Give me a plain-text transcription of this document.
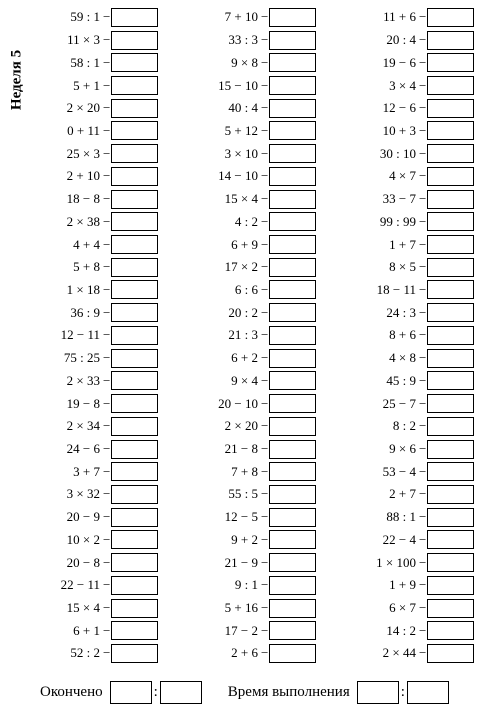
Неделя 5
59 : 1 −
11 × 3 −
58 : 1 −
5 + 1 −
2 × 20 −
0 + 11 −
25 × 3 −
2 + 10 −
18 − 8 −
2 × 38 −
4 + 4 −
5 + 8 −
1 × 18 −
36 : 9 −
12 − 11 −
75 : 25 −
2 × 33 −
19 − 8 −
2 × 34 −
24 − 6 −
3 + 7 −
3 × 32 −
20 − 9 −
10 × 2 −
20 − 8 −
22 − 11 −
15 × 4 −
6 + 1 −
52 : 2 −
7 + 10 −
33 : 3 −
9 × 8 −
15 − 10 −
40 : 4 −
5 + 12 −
3 × 10 −
14 − 10 −
15 × 4 −
4 : 2 −
6 + 9 −
17 × 2 −
6 : 6 −
20 : 2 −
21 : 3 −
6 + 2 −
9 × 4 −
20 − 10 −
2 × 20 −
21 − 8 −
7 + 8 −
55 : 5 −
12 − 5 −
9 + 2 −
21 − 9 −
9 : 1 −
5 + 16 −
17 − 2 −
2 + 6 −
11 + 6 −
20 : 4 −
19 − 6 −
3 × 4 −
12 − 6 −
10 + 3 −
30 : 10 −
4 × 7 −
33 − 7 −
99 : 99 −
1 + 7 −
8 × 5 −
18 − 11 −
24 : 3 −
8 + 6 −
4 × 8 −
45 : 9 −
25 − 7 −
8 : 2 −
9 × 6 −
53 − 4 −
2 + 7 −
88 : 1 −
22 − 4 −
1 × 100 −
1 + 9 −
6 × 7 −
14 : 2 −
2 × 44 −
Окончено	:	Время выполнения	:
